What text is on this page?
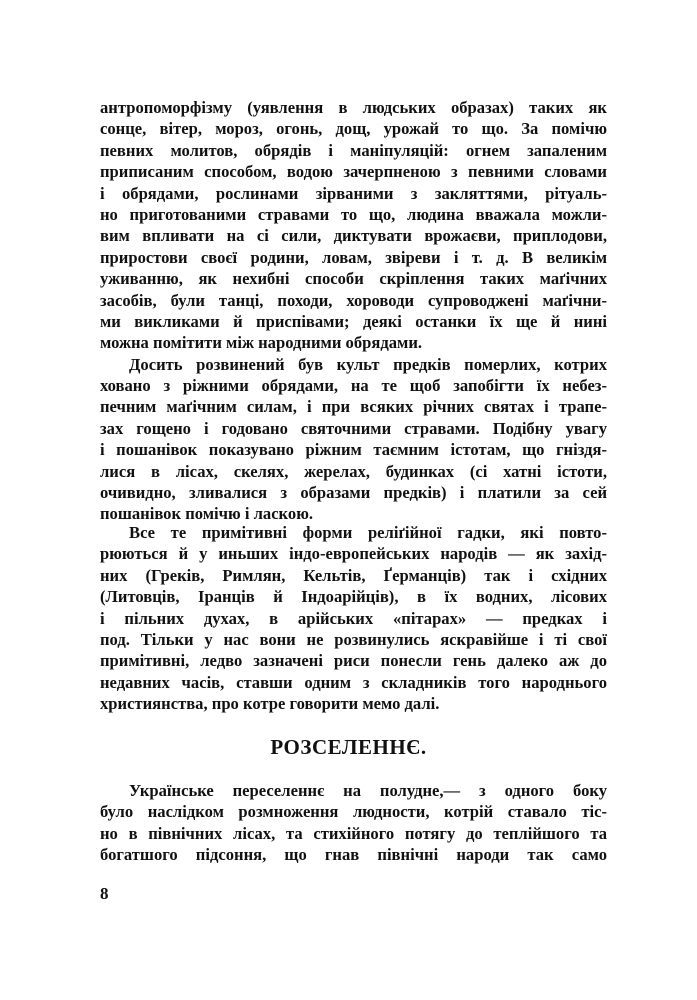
антропоморфізму (уявлення в людських образах) таких як
сонце, вітер, мороз, огонь, дощ, урожай то що. За помічю
певних молитов, обрядів і маніпуляцій: огнем запаленим
приписаним способом, водою зачерпненою з певними словами
і обрядами, рослинами зірваними з закляттями, рітуаль-
но приготованими стравами то що, людина вважала можли-
вим впливати на сі сили, диктувати врожаєви, приплодови,
приростови своєї родини, ловам, звіреви і т. д. В великім
уживанню, як нехибні способи скріплення таких маґічних
засобів, були танці, походи, хороводи супроводжені маґічни-
ми викликами й приспівами; деякі останки їх ще й нині
можна помітити між народними обрядами.
Досить розвинений був культ предків померлих, котрих
ховано з ріжними обрядами, на те щоб запобігти їх небез-
печним маґічним силам, і при всяких річних святах і трапе-
зах гощено і годовано святочними стравами. Подібну увагу
і пошанівок показувано ріжним таємним істотам, що гніздя-
лися в лісах, скелях, жерелах, будинках (сі хатні істоти,
очивидно, зливалися з образами предків) і платили за сей
пошанівок помічю і ласкою.
Все те примітивні форми реліґійної гадки, які повто-
рюються й у иньших індо-европейських народів — як захід-
них (Греків, Римлян, Кельтів, Ґерманців) так і східних
(Литовців, Іранців й Індоарійців), в їх водних, лісових
і пільних духах, в арійських «пітарах» — предках і
под. Тільки у нас вони не розвинулись яскравійше і ті свої
примітивні, ледво зазначені риси понесли гень далеко аж до
недавних часів, ставши одним з складників того народнього
християнства, про котре говорити мемо далі.
РОЗСЕЛЕННЄ.
Українське переселеннє на полудне,— з одного боку
було наслідком розмноження людности, котрій ставало тіс-
но в північних лісах, та стихійного потягу до теплійшого та
богатшого підсоння, що гнав північні народи так само
8
